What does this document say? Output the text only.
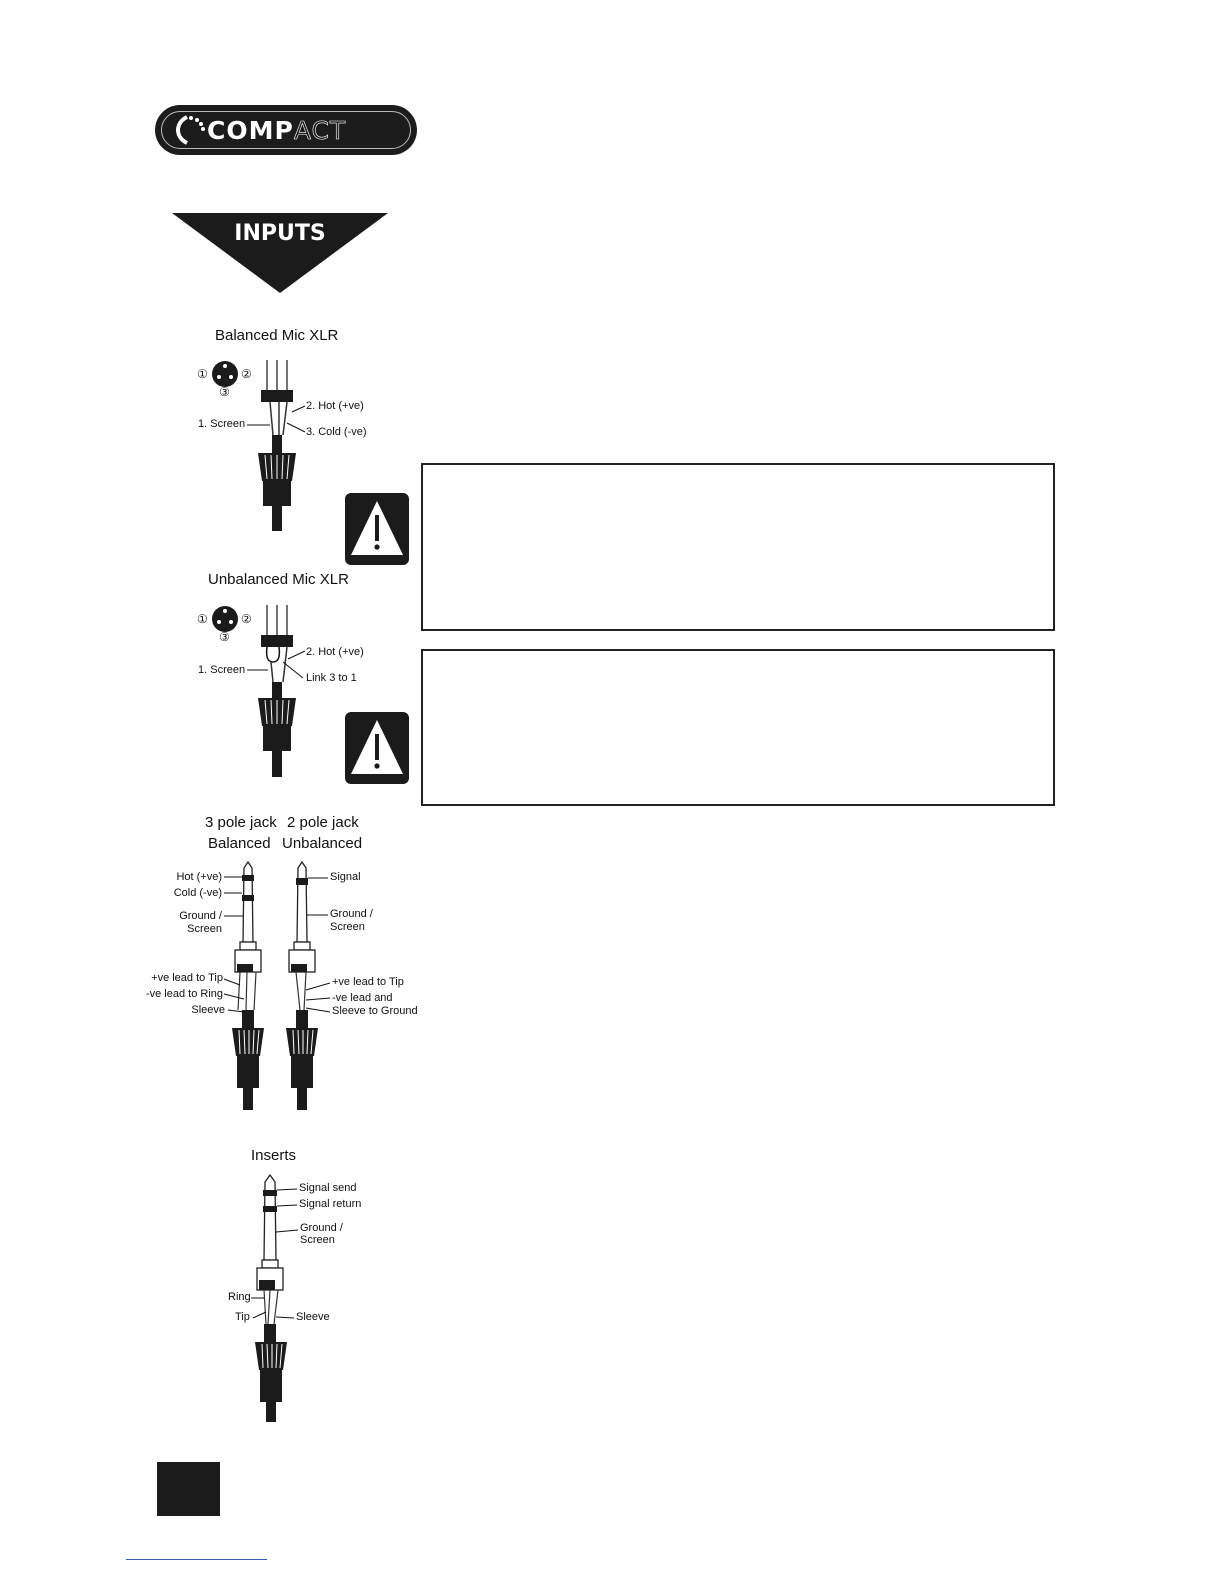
COMPACT
INPUTS
Balanced Mic XLR
①	②
③
2. Hot (+ve)
1. Screen
3. Cold (-ve)
Unbalanced Mic XLR
①	②
③
2. Hot (+ve)
1. Screen
Link 3 to 1
3 pole jack 2 pole jack
Balanced Unbalanced
Hot (+ve)
Cold (-ve)
Ground /
Screen
+ve lead to Tip
-ve lead to Ring
Sleeve
Signal
Ground /
Screen
+ve lead to Tip
-ve lead and
Sleeve to Ground
Inserts
Signal send
Signal return
Ground /
Screen
Ring
Tip	Sleeve
